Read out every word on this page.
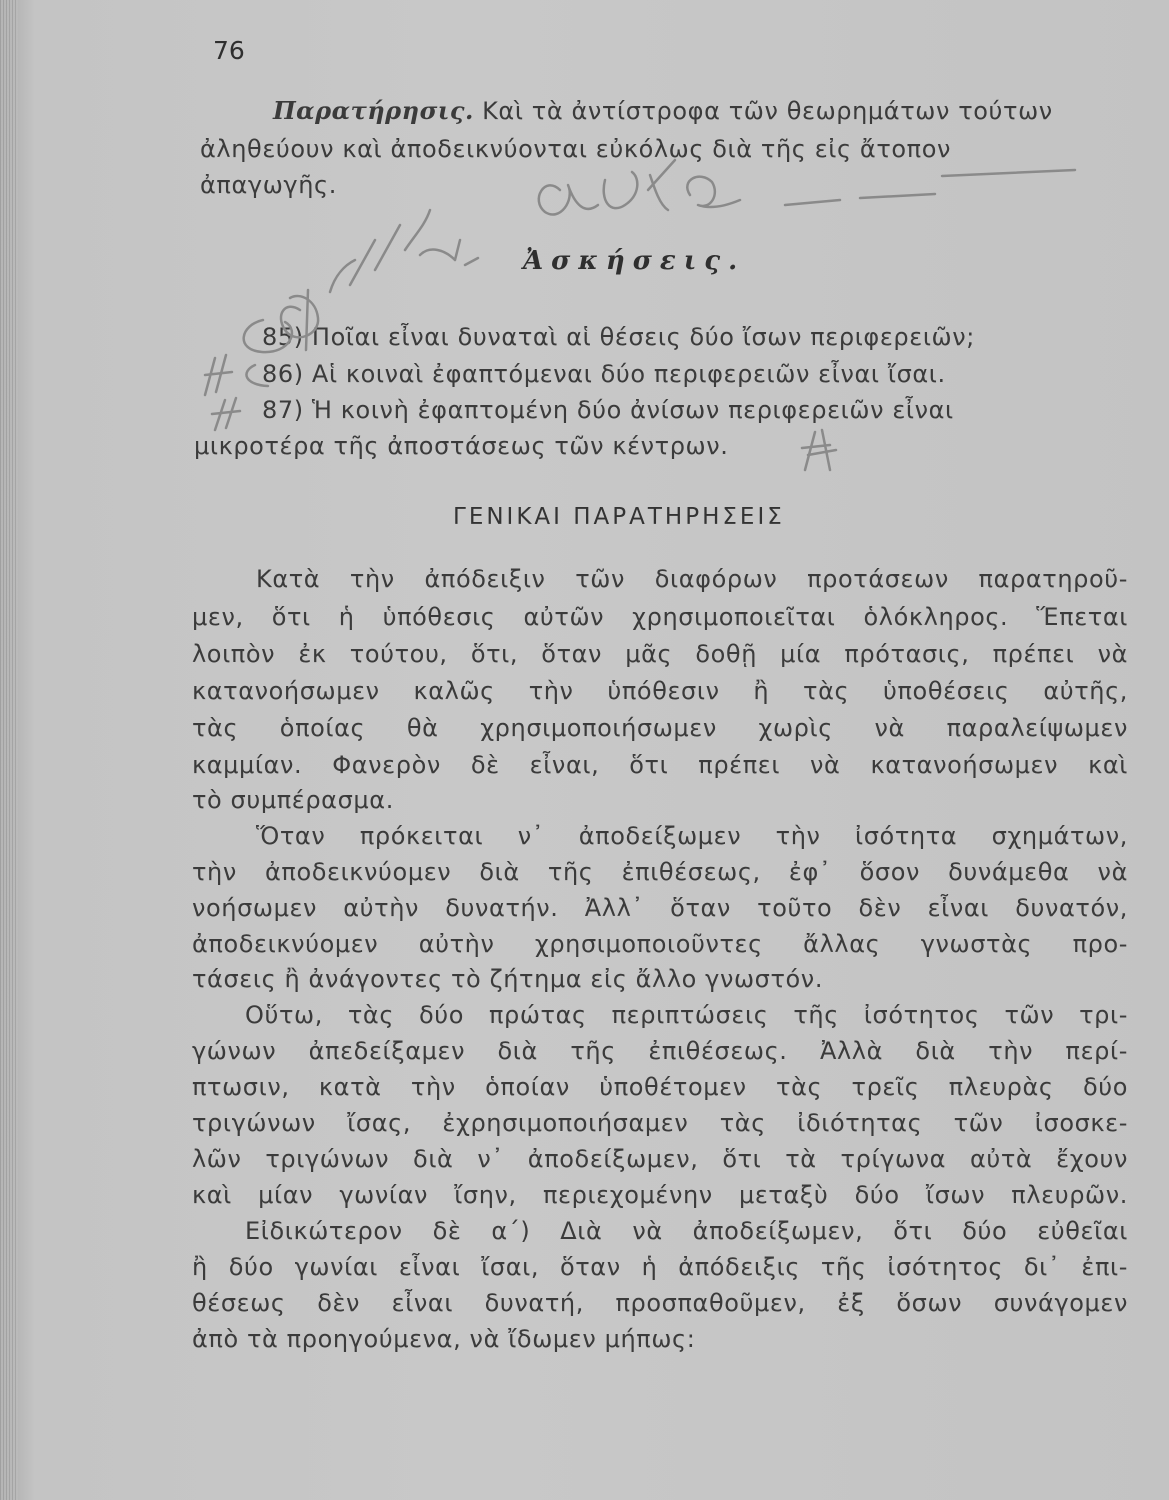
76
Παρατήρησις. Καὶ τὰ ἀντίστροφα τῶν θεωρημάτων τούτων
ἀληθεύουν καὶ ἀποδεικνύονται εὐκόλως διὰ τῆς εἰς ἄτοπον
ἀπαγωγῆς.
Ἀσκήσεις.
85) Ποῖαι εἶναι δυναταὶ αἱ θέσεις δύο ἴσων περιφερειῶν;
86) Αἱ κοιναὶ ἐφαπτόμεναι δύο περιφερειῶν εἶναι ἴσαι.
87) Ἡ κοινὴ ἐφαπτομένη δύο ἀνίσων περιφερειῶν εἶναι
μικροτέρα τῆς ἀποστάσεως τῶν κέντρων.
ΓΕΝΙΚΑΙ ΠΑΡΑΤΗΡΗΣΕΙΣ
Κατὰ τὴν ἀπόδειξιν τῶν διαφόρων προτάσεων παρατηροῦ-
μεν, ὅτι ἡ ὑπόθεσις αὐτῶν χρησιμοποιεῖται ὁλόκληρος. Ἕπεται
λοιπὸν ἐκ τούτου, ὅτι, ὅταν μᾶς δοθῇ μία πρότασις, πρέπει νὰ
κατανοήσωμεν καλῶς τὴν ὑπόθεσιν ἢ τὰς ὑποθέσεις αὐτῆς,
τὰς ὁποίας θὰ χρησιμοποιήσωμεν χωρὶς νὰ παραλείψωμεν
καμμίαν. Φανερὸν δὲ εἶναι, ὅτι πρέπει νὰ κατανοήσωμεν καὶ
τὸ συμπέρασμα.
Ὅταν πρόκειται ν᾽ ἀποδείξωμεν τὴν ἰσότητα σχημάτων,
τὴν ἀποδεικνύομεν διὰ τῆς ἐπιθέσεως, ἐφ᾽ ὅσον δυνάμεθα νὰ
νοήσωμεν αὐτὴν δυνατήν. Ἀλλ᾽ ὅταν τοῦτο δὲν εἶναι δυνατόν,
ἀποδεικνύομεν αὐτὴν χρησιμοποιοῦντες ἄλλας γνωστὰς προ-
τάσεις ἢ ἀνάγοντες τὸ ζήτημα εἰς ἄλλο γνωστόν.
Οὕτω, τὰς δύο πρώτας περιπτώσεις τῆς ἰσότητος τῶν τρι-
γώνων ἀπεδείξαμεν διὰ τῆς ἐπιθέσεως. Ἀλλὰ διὰ τὴν περί-
πτωσιν, κατὰ τὴν ὁποίαν ὑποθέτομεν τὰς τρεῖς πλευρὰς δύο
τριγώνων ἴσας, ἐχρησιμοποιήσαμεν τὰς ἰδιότητας τῶν ἰσοσκε-
λῶν τριγώνων διὰ ν᾽ ἀποδείξωμεν, ὅτι τὰ τρίγωνα αὐτὰ ἔχουν
καὶ μίαν γωνίαν ἴσην, περιεχομένην μεταξὺ δύο ἴσων πλευρῶν.
Εἰδικώτερον δὲ α΄) Διὰ νὰ ἀποδείξωμεν, ὅτι δύο εὐθεῖαι
ἢ δύο γωνίαι εἶναι ἴσαι, ὅταν ἡ ἀπόδειξις τῆς ἰσότητος δι᾽ ἐπι-
θέσεως δὲν εἶναι δυνατή, προσπαθοῦμεν, ἐξ ὅσων συνάγομεν
ἀπὸ τὰ προηγούμενα, νὰ ἴδωμεν μήπως:
